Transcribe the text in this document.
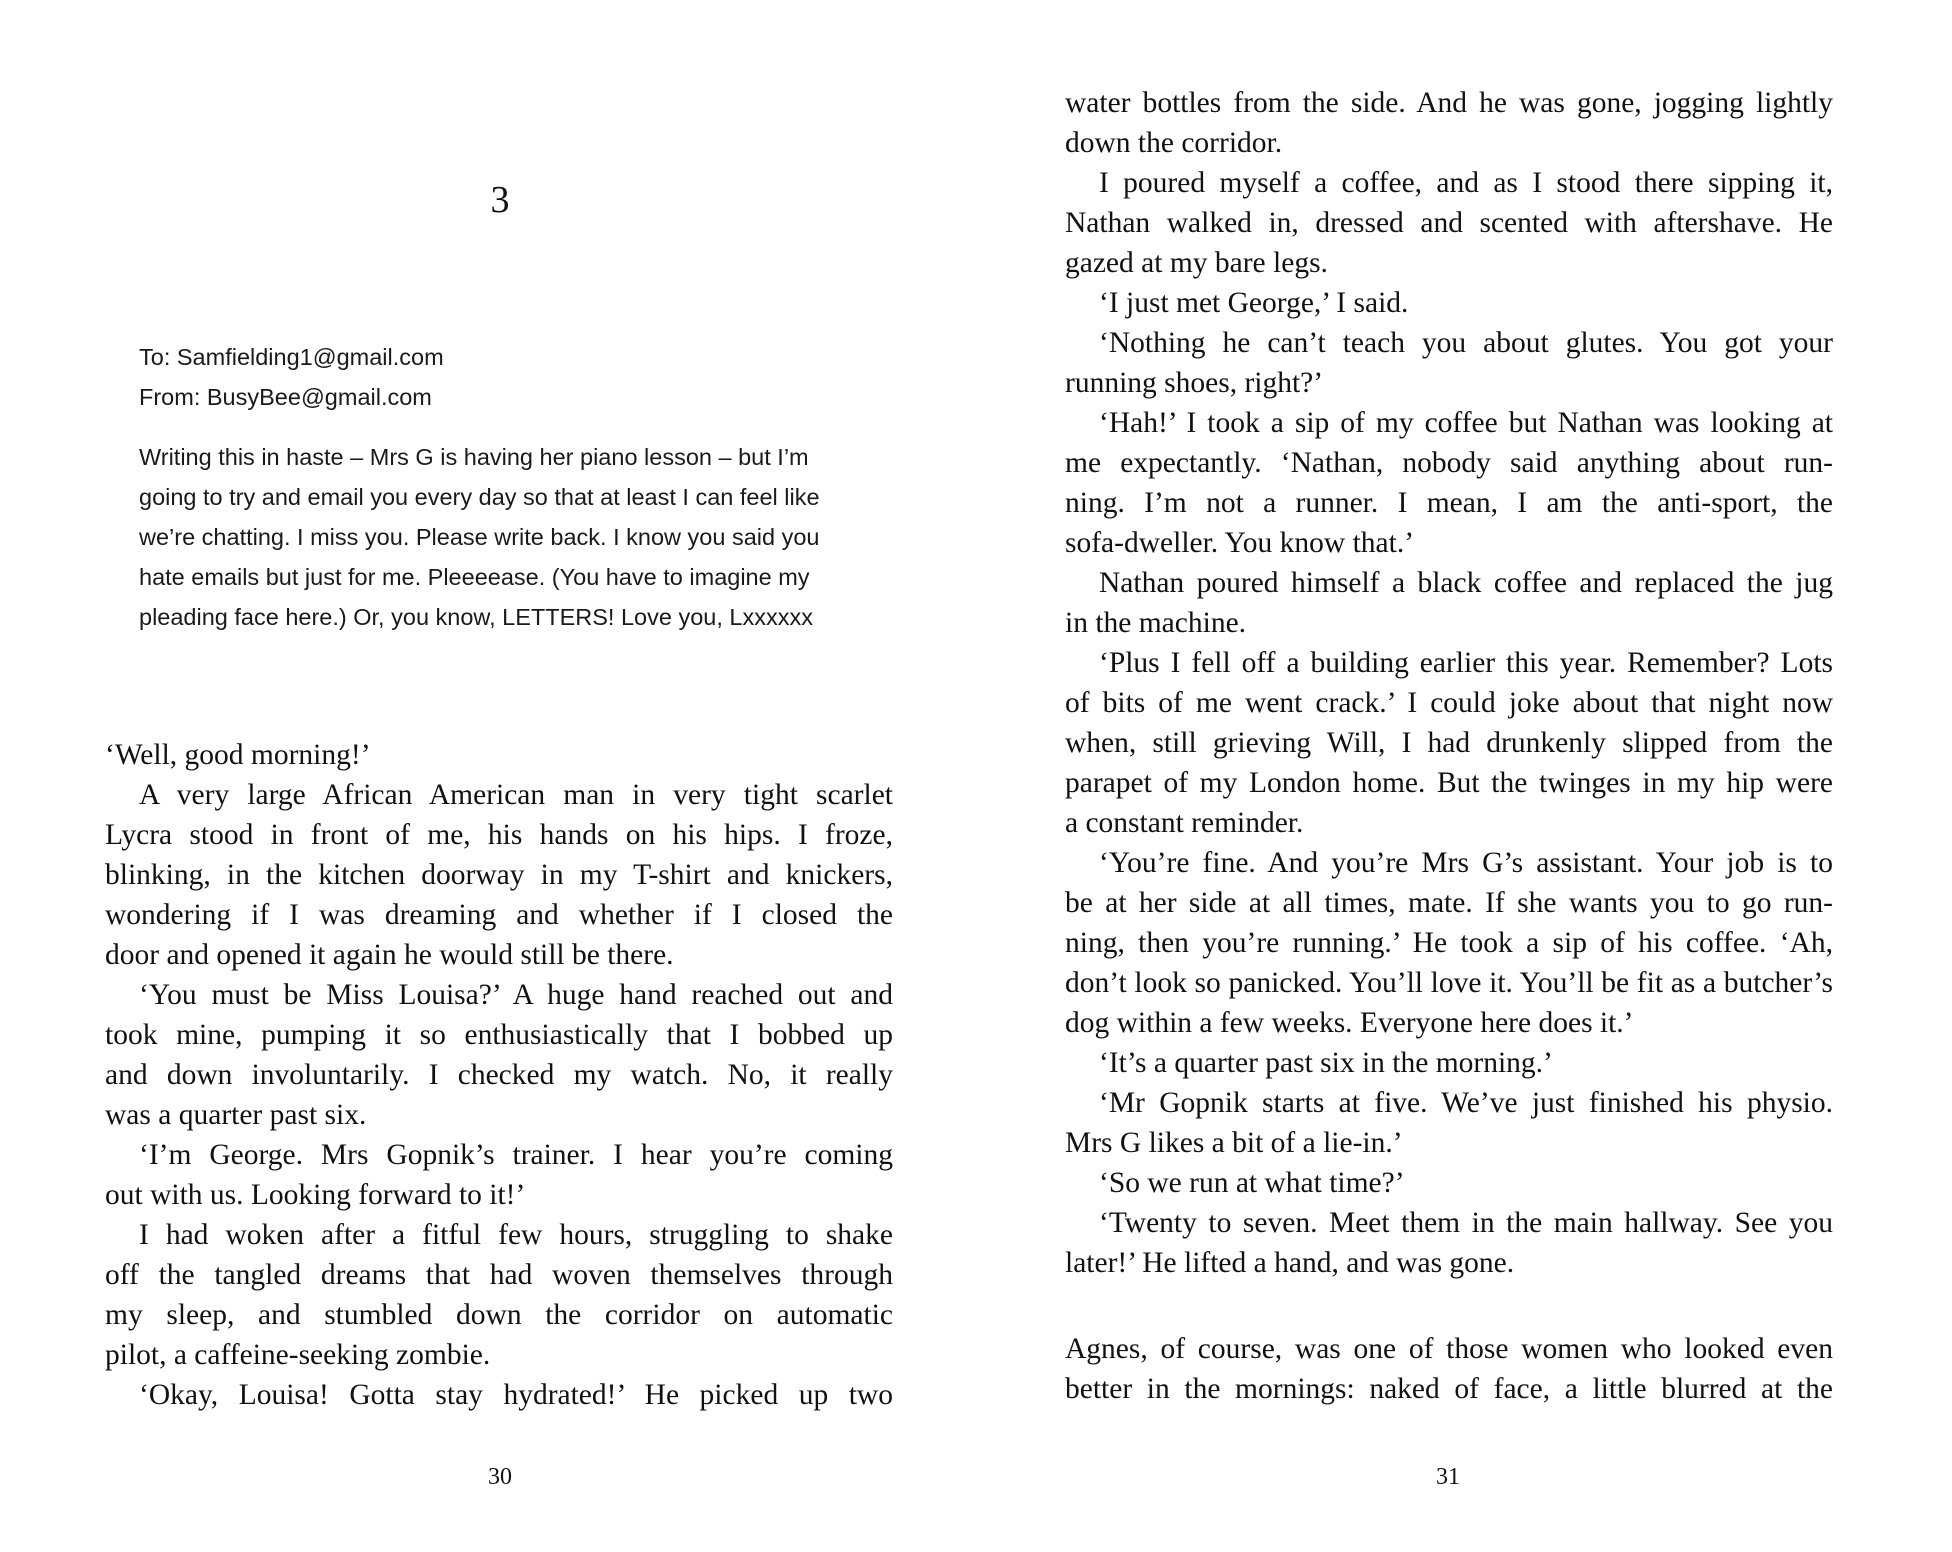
3
To: Samfielding1@gmail.com
From: BusyBee@gmail.com
Writing this in haste – Mrs G is having her piano lesson – but I’m
going to try and email you every day so that at least I can feel like
we’re chatting. I miss you. Please write back. I know you said you
hate emails but just for me. Pleeeease. (You have to imagine my
pleading face here.) Or, you know, LETTERS! Love you, Lxxxxxx
‘Well, good morning!’
A very large African American man in very tight scarlet
Lycra stood in front of me, his hands on his hips. I froze,
blinking, in the kitchen doorway in my T-shirt and knickers,
wondering if I was dreaming and whether if I closed the
door and opened it again he would still be there.
‘You must be Miss Louisa?’ A huge hand reached out and
took mine, pumping it so enthusiastically that I bobbed up
and down involuntarily. I checked my watch. No, it really
was a quarter past six.
‘I’m George. Mrs Gopnik’s trainer. I hear you’re coming
out with us. Looking forward to it!’
I had woken after a fitful few hours, struggling to shake
off the tangled dreams that had woven themselves through
my sleep, and stumbled down the corridor on automatic
pilot, a caffeine-seeking zombie.
‘Okay, Louisa! Gotta stay hydrated!’ He picked up two
30
water bottles from the side. And he was gone, jogging lightly
down the corridor.
I poured myself a coffee, and as I stood there sipping it,
Nathan walked in, dressed and scented with aftershave. He
gazed at my bare legs.
‘I just met George,’ I said.
‘Nothing he can’t teach you about glutes. You got your
running shoes, right?’
‘Hah!’ I took a sip of my coffee but Nathan was looking at
me expectantly. ‘Nathan, nobody said anything about run-
ning. I’m not a runner. I mean, I am the anti-sport, the
sofa-dweller. You know that.’
Nathan poured himself a black coffee and replaced the jug
in the machine.
‘Plus I fell off a building earlier this year. Remember? Lots
of bits of me went crack.’ I could joke about that night now
when, still grieving Will, I had drunkenly slipped from the
parapet of my London home. But the twinges in my hip were
a constant reminder.
‘You’re fine. And you’re Mrs G’s assistant. Your job is to
be at her side at all times, mate. If she wants you to go run-
ning, then you’re running.’ He took a sip of his coffee. ‘Ah,
don’t look so panicked. You’ll love it. You’ll be fit as a butcher’s
dog within a few weeks. Everyone here does it.’
‘It’s a quarter past six in the morning.’
‘Mr Gopnik starts at five. We’ve just finished his physio.
Mrs G likes a bit of a lie-in.’
‘So we run at what time?’
‘Twenty to seven. Meet them in the main hallway. See you
later!’ He lifted a hand, and was gone.
Agnes, of course, was one of those women who looked even
better in the mornings: naked of face, a little blurred at the
31
